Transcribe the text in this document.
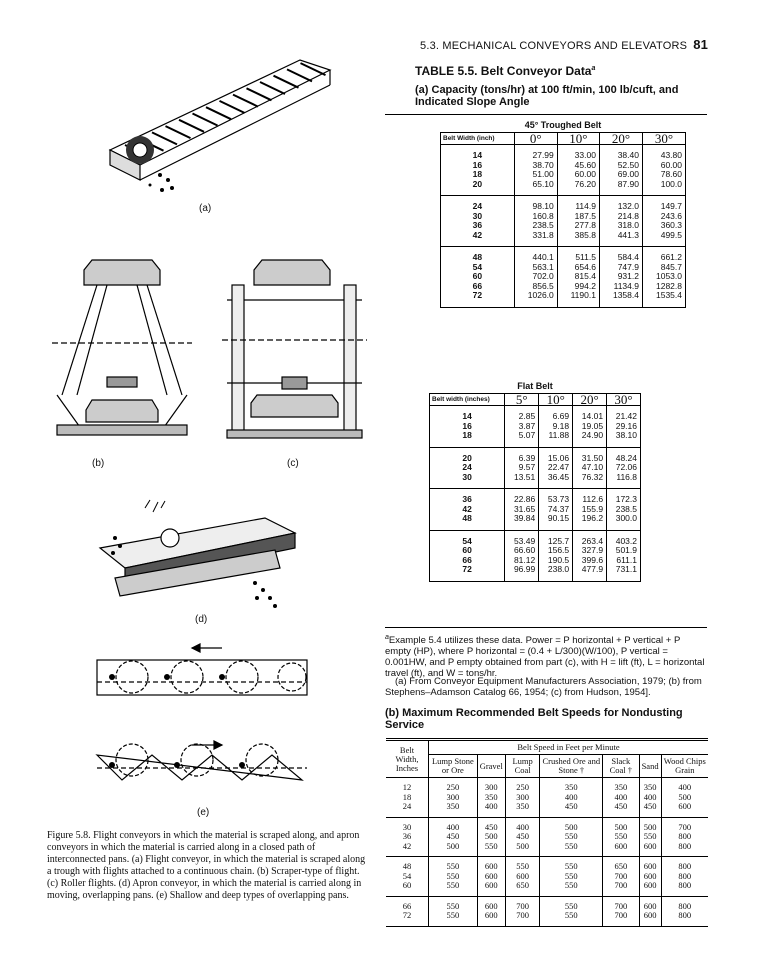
5.3. MECHANICAL CONVEYORS AND ELEVATORS 81
TABLE 5.5. Belt Conveyor Data$^a$
(a) Capacity (tons/hr) at 100 ft/min, 100 lb/cuft, and Indicated Slope Angle
45° Troughed Belt
Belt Width (inch)	0°	10°	20°	30°
14	27.99	33.00	38.40	43.80
16	38.70	45.60	52.50	60.00
18	51.00	60.00	69.00	78.60
20	65.10	76.20	87.90	100.0
24	98.10	114.9	132.0	149.7
30	160.8	187.5	214.8	243.6
36	238.5	277.8	318.0	360.3
42	331.8	385.8	441.3	499.5
48	440.1	511.5	584.4	661.2
54	563.1	654.6	747.9	845.7
60	702.0	815.4	931.2	1053.0
66	856.5	994.2	1134.9	1282.8
72	1026.0	1190.1	1358.4	1535.4
Flat Belt
Belt width (inches)	5°	10°	20°	30°
14	2.85	6.69	14.01	21.42
16	3.87	9.18	19.05	29.16
18	5.07	11.88	24.90	38.10
20	6.39	15.06	31.50	48.24
24	9.57	22.47	47.10	72.06
30	13.51	36.45	76.32	116.8
36	22.86	53.73	112.6	172.3
42	31.65	74.37	155.9	238.5
48	39.84	90.15	196.2	300.0
54	53.49	125.7	263.4	403.2
60	66.60	156.5	327.9	501.9
66	81.12	190.5	399.6	611.1
72	96.99	238.0	477.9	731.1
$^a$Example 5.4 utilizes these data. Power = P horizontal + P vertical + P empty (HP), where P horizontal = (0.4 + L/300)(W/100), P vertical = 0.001HW, and P empty obtained from part (c), with H = lift (ft), L = horizontal travel (ft), and W = tons/hr.
(a) From Conveyor Equipment Manufacturers Association, 1979; (b) from Stephens–Adamson Catalog 66, 1954; (c) from Hudson, 1954].
(b) Maximum Recommended Belt Speeds for Nondusting Service
Belt Width, Inches	Belt Speed in Feet per Minute						
	Lump Stone or Ore	Gravel	Lump Coal	Crushed Ore and Stone †	Slack Coal †	Sand	Wood Chips Grain
12	250	300	250	350	350	350	400
18	300	350	300	400	400	400	500
24	350	400	350	450	450	450	600
30	400	450	400	500	500	500	700
36	450	500	450	550	550	550	800
42	500	550	500	550	600	600	800
48	550	600	550	550	650	600	800
54	550	600	600	550	700	600	800
60	550	600	650	550	700	600	800
66	550	600	700	550	700	600	800
72	550	600	700	550	700	600	800
(a)
(b)	(c)
(d)
(e)
Figure 5.8. Flight conveyors in which the material is scraped along, and apron conveyors in which the material is carried along in a closed path of interconnected pans. (a) Flight conveyor, in which the material is scraped along a trough with flights attached to a continuous chain. (b) Scraper-type of flight. (c) Roller flights. (d) Apron conveyor, in which the material is carried along in moving, overlapping pans. (e) Shallow and deep types of overlapping pans.
